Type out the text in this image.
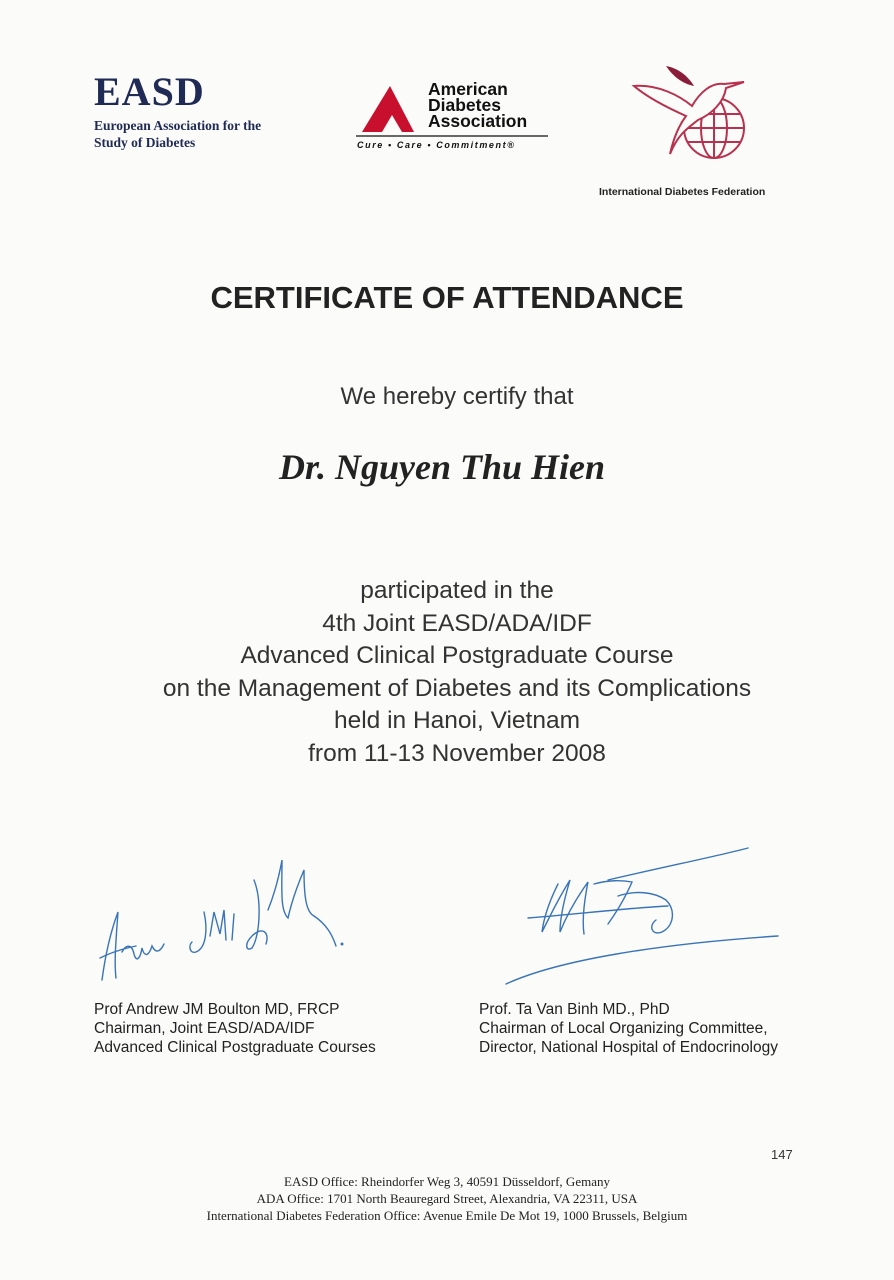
EASD
European Association for the
Study of Diabetes
American
Diabetes
Association
Cure • Care • Commitment®
International Diabetes Federation
CERTIFICATE OF ATTENDANCE
We hereby certify that
Dr. Nguyen Thu Hien
participated in the
4th Joint EASD/ADA/IDF
Advanced Clinical Postgraduate Course
on the Management of Diabetes and its Complications
held in Hanoi, Vietnam
from 11-13 November 2008
Prof Andrew JM Boulton MD, FRCP
Chairman, Joint EASD/ADA/IDF
Advanced Clinical Postgraduate Courses
Prof. Ta Van Binh MD., PhD
Chairman of Local Organizing Committee,
Director, National Hospital of Endocrinology
147
EASD Office: Rheindorfer Weg 3, 40591 Düsseldorf, Gemany
ADA Office: 1701 North Beauregard Street, Alexandria, VA 22311, USA
International Diabetes Federation Office: Avenue Emile De Mot 19, 1000 Brussels, Belgium
